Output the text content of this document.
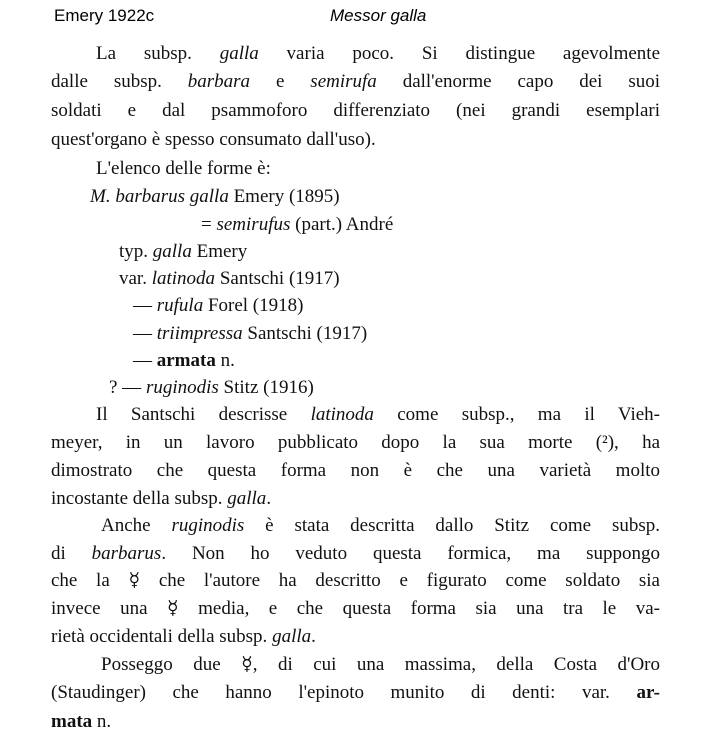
Emery 1922c	Messor galla
La subsp. galla varia poco. Si distingue agevolmente
dalle subsp. barbara e semirufa dall'enorme capo dei suoi
soldati e dal psammoforo differenziato (nei grandi esemplari
quest'organo è spesso consumato dall'uso).
L'elenco delle forme è:
M. barbarus galla Emery (1895)
= semirufus (part.) André
typ. galla Emery
var. latinoda Santschi (1917)
— rufula Forel (1918)
— triimpressa Santschi (1917)
— armata n.
? — ruginodis Stitz (1916)
Il Santschi descrisse latinoda come subsp., ma il Vieh-
meyer, in un lavoro pubblicato dopo la sua morte (²), ha
dimostrato che questa forma non è che una varietà molto
incostante della subsp. galla.
Anche ruginodis è stata descritta dallo Stitz come subsp.
di barbarus. Non ho veduto questa formica, ma suppongo
che la ☿ che l'autore ha descritto e figurato come soldato sia
invece una ☿ media, e che questa forma sia una tra le va-
rietà occidentali della subsp. galla.
Posseggo due ☿, di cui una massima, della Costa d'Oro
(Staudinger) che hanno l'epinoto munito di denti: var. ar-
mata n.
